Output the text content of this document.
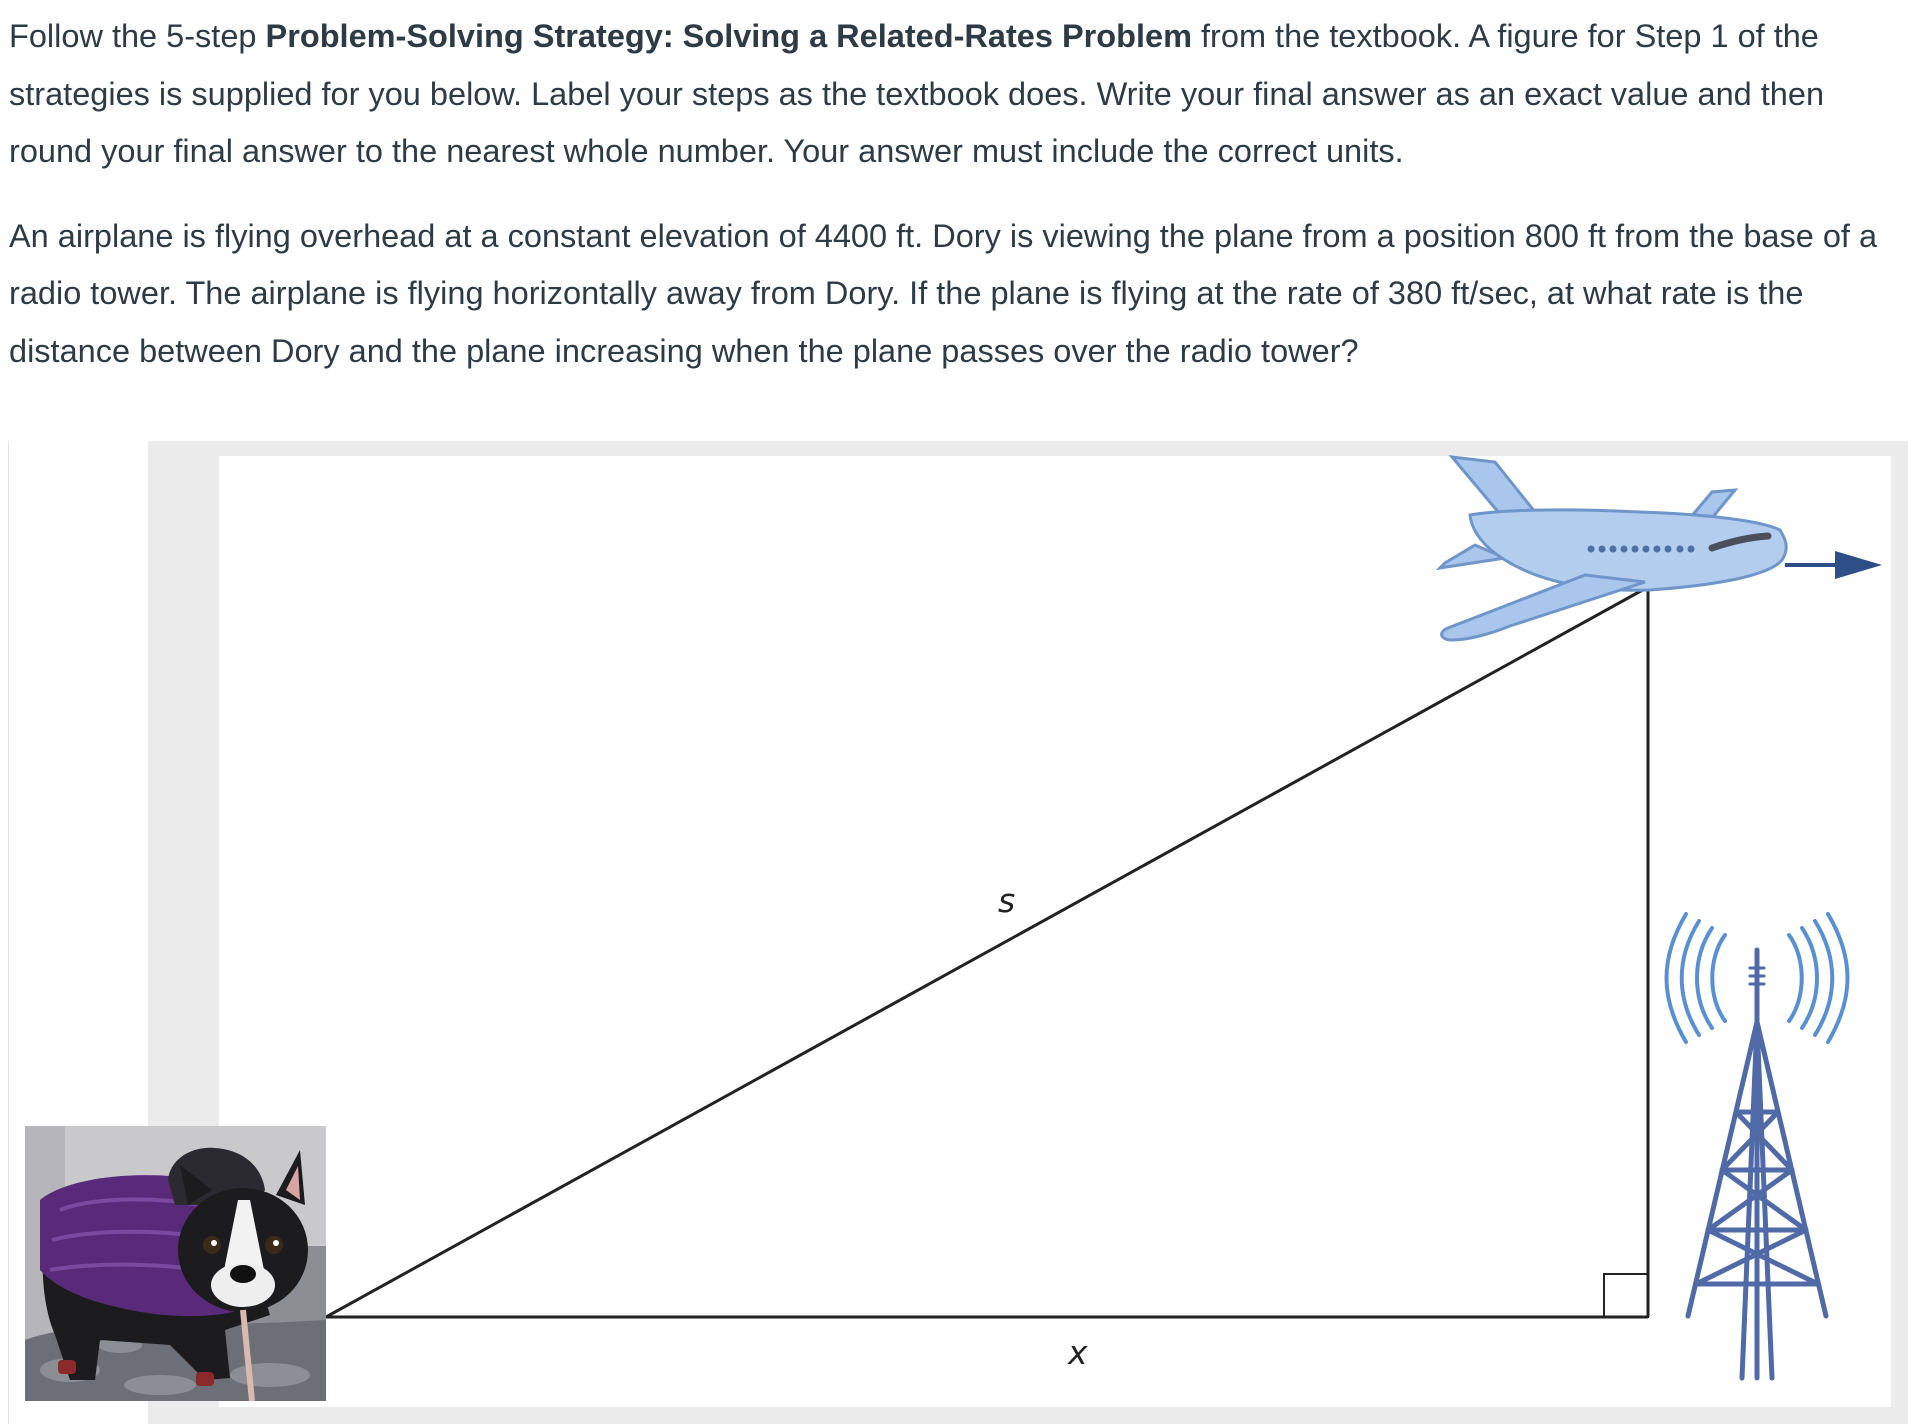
Follow the 5-step Problem-Solving Strategy: Solving a Related-Rates Problem from the textbook. A figure for Step 1 of the strategies is supplied for you below. Label your steps as the textbook does. Write your final answer as an exact value and then round your final answer to the nearest whole number. Your answer must include the correct units.

An airplane is flying overhead at a constant elevation of 4400 ft. Dory is viewing the plane from a position 800 ft from the base of a radio tower. The airplane is flying horizontally away from Dory. If the plane is flying at the rate of 380 ft/sec, at what rate is the distance between Dory and the plane increasing when the plane passes over the radio tower?

s
x
